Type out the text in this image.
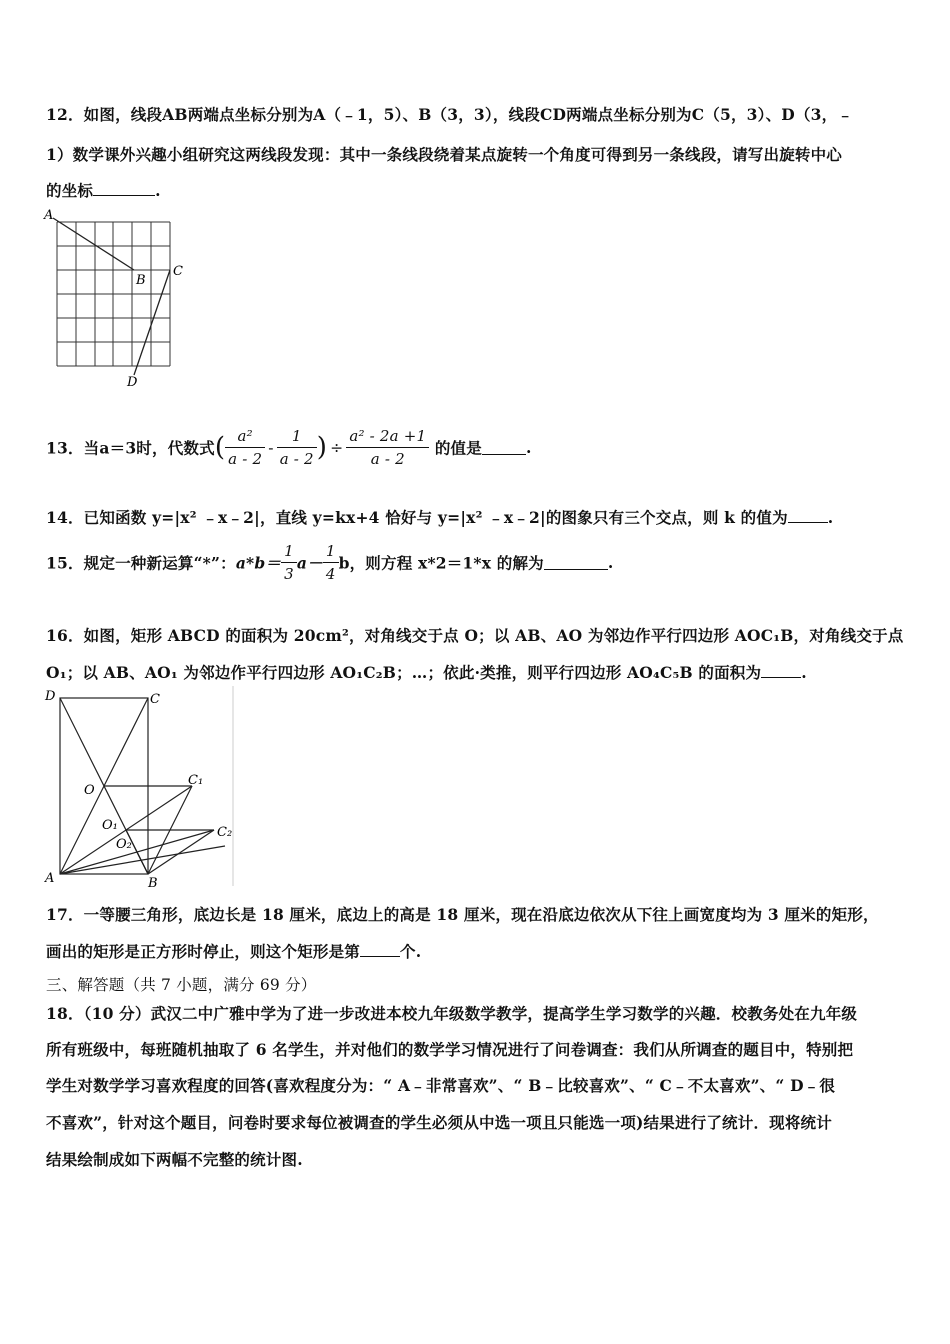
12．如图，线段AB两端点坐标分别为A（﹣1，5）、B（3，3），线段CD两端点坐标分别为C（5，3）、D（3，﹣
1）数学课外兴趣小组研究这两线段发现：其中一条线段绕着某点旋转一个角度可得到另一条线段，请写出旋转中心
的坐标	.
A
B
C
D
13．当a＝3时，代数式( $\frac{\text{a²}}{a - 2} - \frac{1}{a - 2}$ ) ÷ $\frac{\text{a² - 2a +1}}{a - 2}$ 的值是	.
14．已知函数 y=|x² ﹣x﹣2|，直线 y=kx+4 恰好与 y=|x² ﹣x﹣2|的图象只有三个交点，则 k 的值为	.
15．规定一种新运算“*”：$a*b= \frac{1}{3} a- \frac{1}{4}$ b，则方程 x*2＝1*x 的解为	.
16．如图，矩形 ABCD 的面积为 20cm²，对角线交于点 O；以 AB、AO 为邻边作平行四边形 AOC₁B，对角线交于点
O₁；以 AB、AO₁ 为邻边作平行四边形 AO₁C₂B；…；依此·类推，则平行四边形 AO₄C₅B 的面积为	.
D	C
O
C₁
O₁
O₂
C₂
A	B
17．一等腰三角形，底边长是 18 厘米，底边上的高是 18 厘米，现在沿底边依次从下往上画宽度均为 3 厘米的矩形，
画出的矩形是正方形时停止，则这个矩形是第	个.
三、解答题（共 7 小题，满分 69 分）
18．（10 分）武汉二中广雅中学为了进一步改进本校九年级数学教学，提高学生学习数学的兴趣．校教务处在九年级
所有班级中，每班随机抽取了 6 名学生，并对他们的数学学习情况进行了问卷调查：我们从所调查的题目中，特别把
学生对数学学习喜欢程度的回答(喜欢程度分为：“ A﹣非常喜欢”、“ B﹣比较喜欢”、“ C﹣不太喜欢”、“ D﹣很
不喜欢”，针对这个题目，问卷时要求每位被调查的学生必须从中选一项且只能选一项)结果进行了统计．现将统计
结果绘制成如下两幅不完整的统计图.
